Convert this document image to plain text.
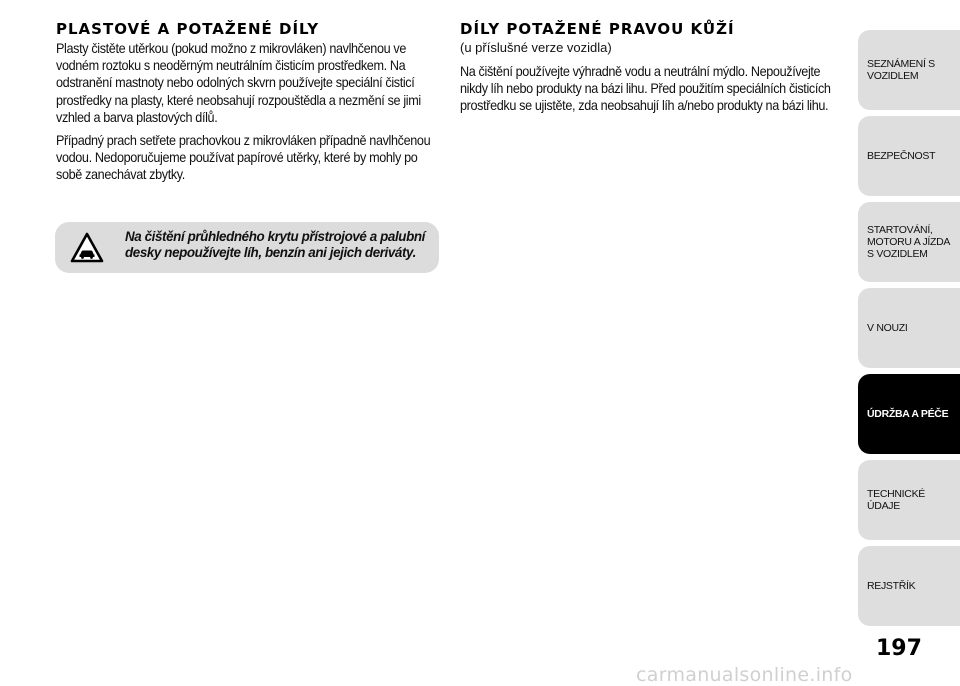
PLASTOVÉ A POTAŽENÉ DÍLY

Plasty čistěte utěrkou (pokud možno z mikrovláken) navlhčenou ve vodném roztoku s neoděrným neutrálním čisticím prostředkem. Na odstranění mastnoty nebo odolných skvrn používejte speciální čisticí prostředky na plasty, které neobsahují rozpouštědla a nezmění se jimi vzhled a barva plastových dílů.

Případný prach setřete prachovkou z mikrovláken případně navlhčenou vodou. Nedoporučujeme používat papírové utěrky, které by mohly po sobě zanechávat zbytky.

Na čištění průhledného krytu přístrojové a palubní desky nepoužívejte líh, benzín ani jejich deriváty.
DÍLY POTAŽENÉ PRAVOU KŮŽÍ
(u příslušné verze vozidla)

Na čištění používejte výhradně vodu a neutrální mýdlo. Nepoužívejte nikdy líh nebo produkty na bázi lihu. Před použitím speciálních čisticích prostředku se ujistěte, zda neobsahují líh a/nebo produkty na bázi lihu.

SEZNÁMENÍ S VOZIDLEM
BEZPEČNOST
STARTOVÁNÍ, MOTORU A JÍZDA S VOZIDLEM
V NOUZI
ÚDRŽBA A PÉČE
TECHNICKÉ ÚDAJE
REJSTŘÍK
197
carmanualsonline.info
